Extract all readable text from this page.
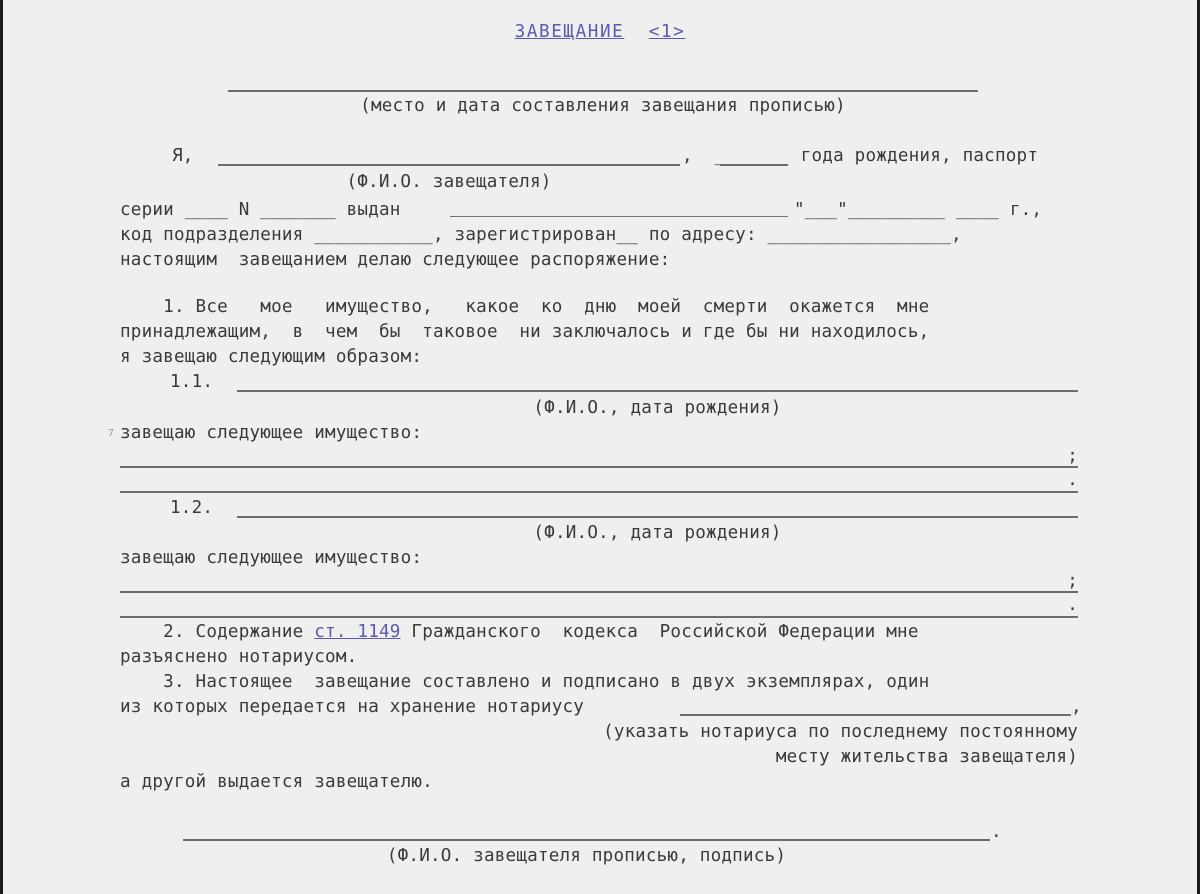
ЗАВЕЩАНИЕ <1>
(место и дата составления завещания прописью)
Я,	,  ______  года рождения, паспорт
(Ф.И.О. завещателя)
серии ____ N _______ выдан	"___"_________ ____ г.,
код подразделения ___________, зарегистрирован__ по адресу: _________________,
настоящим  завещанием делаю следующее распоряжение:
1. Все   мое   имущество,   какое  ко  дню  моей  смерти  окажется  мне
принадлежащим,  в  чем  бы  таковое  ни заключалось и где бы ни находилось,
я завещаю следующим образом:
1.1.
(Ф.И.О., дата рождения)
7 завещаю следующее имущество:
;
.
1.2.
(Ф.И.О., дата рождения)
завещаю следующее имущество:
;
.
2. Содержание ст. 1149 Гражданского  кодекса  Российской Федерации мне
разъяснено нотариусом.
3. Настоящее  завещание составлено и подписано в двух экземплярах, один
из которых передается на хранение нотариусу	,
(указать нотариуса по последнему постоянному
месту жительства завещателя)
а другой выдается завещателю.
.
(Ф.И.О. завещателя прописью, подпись)
